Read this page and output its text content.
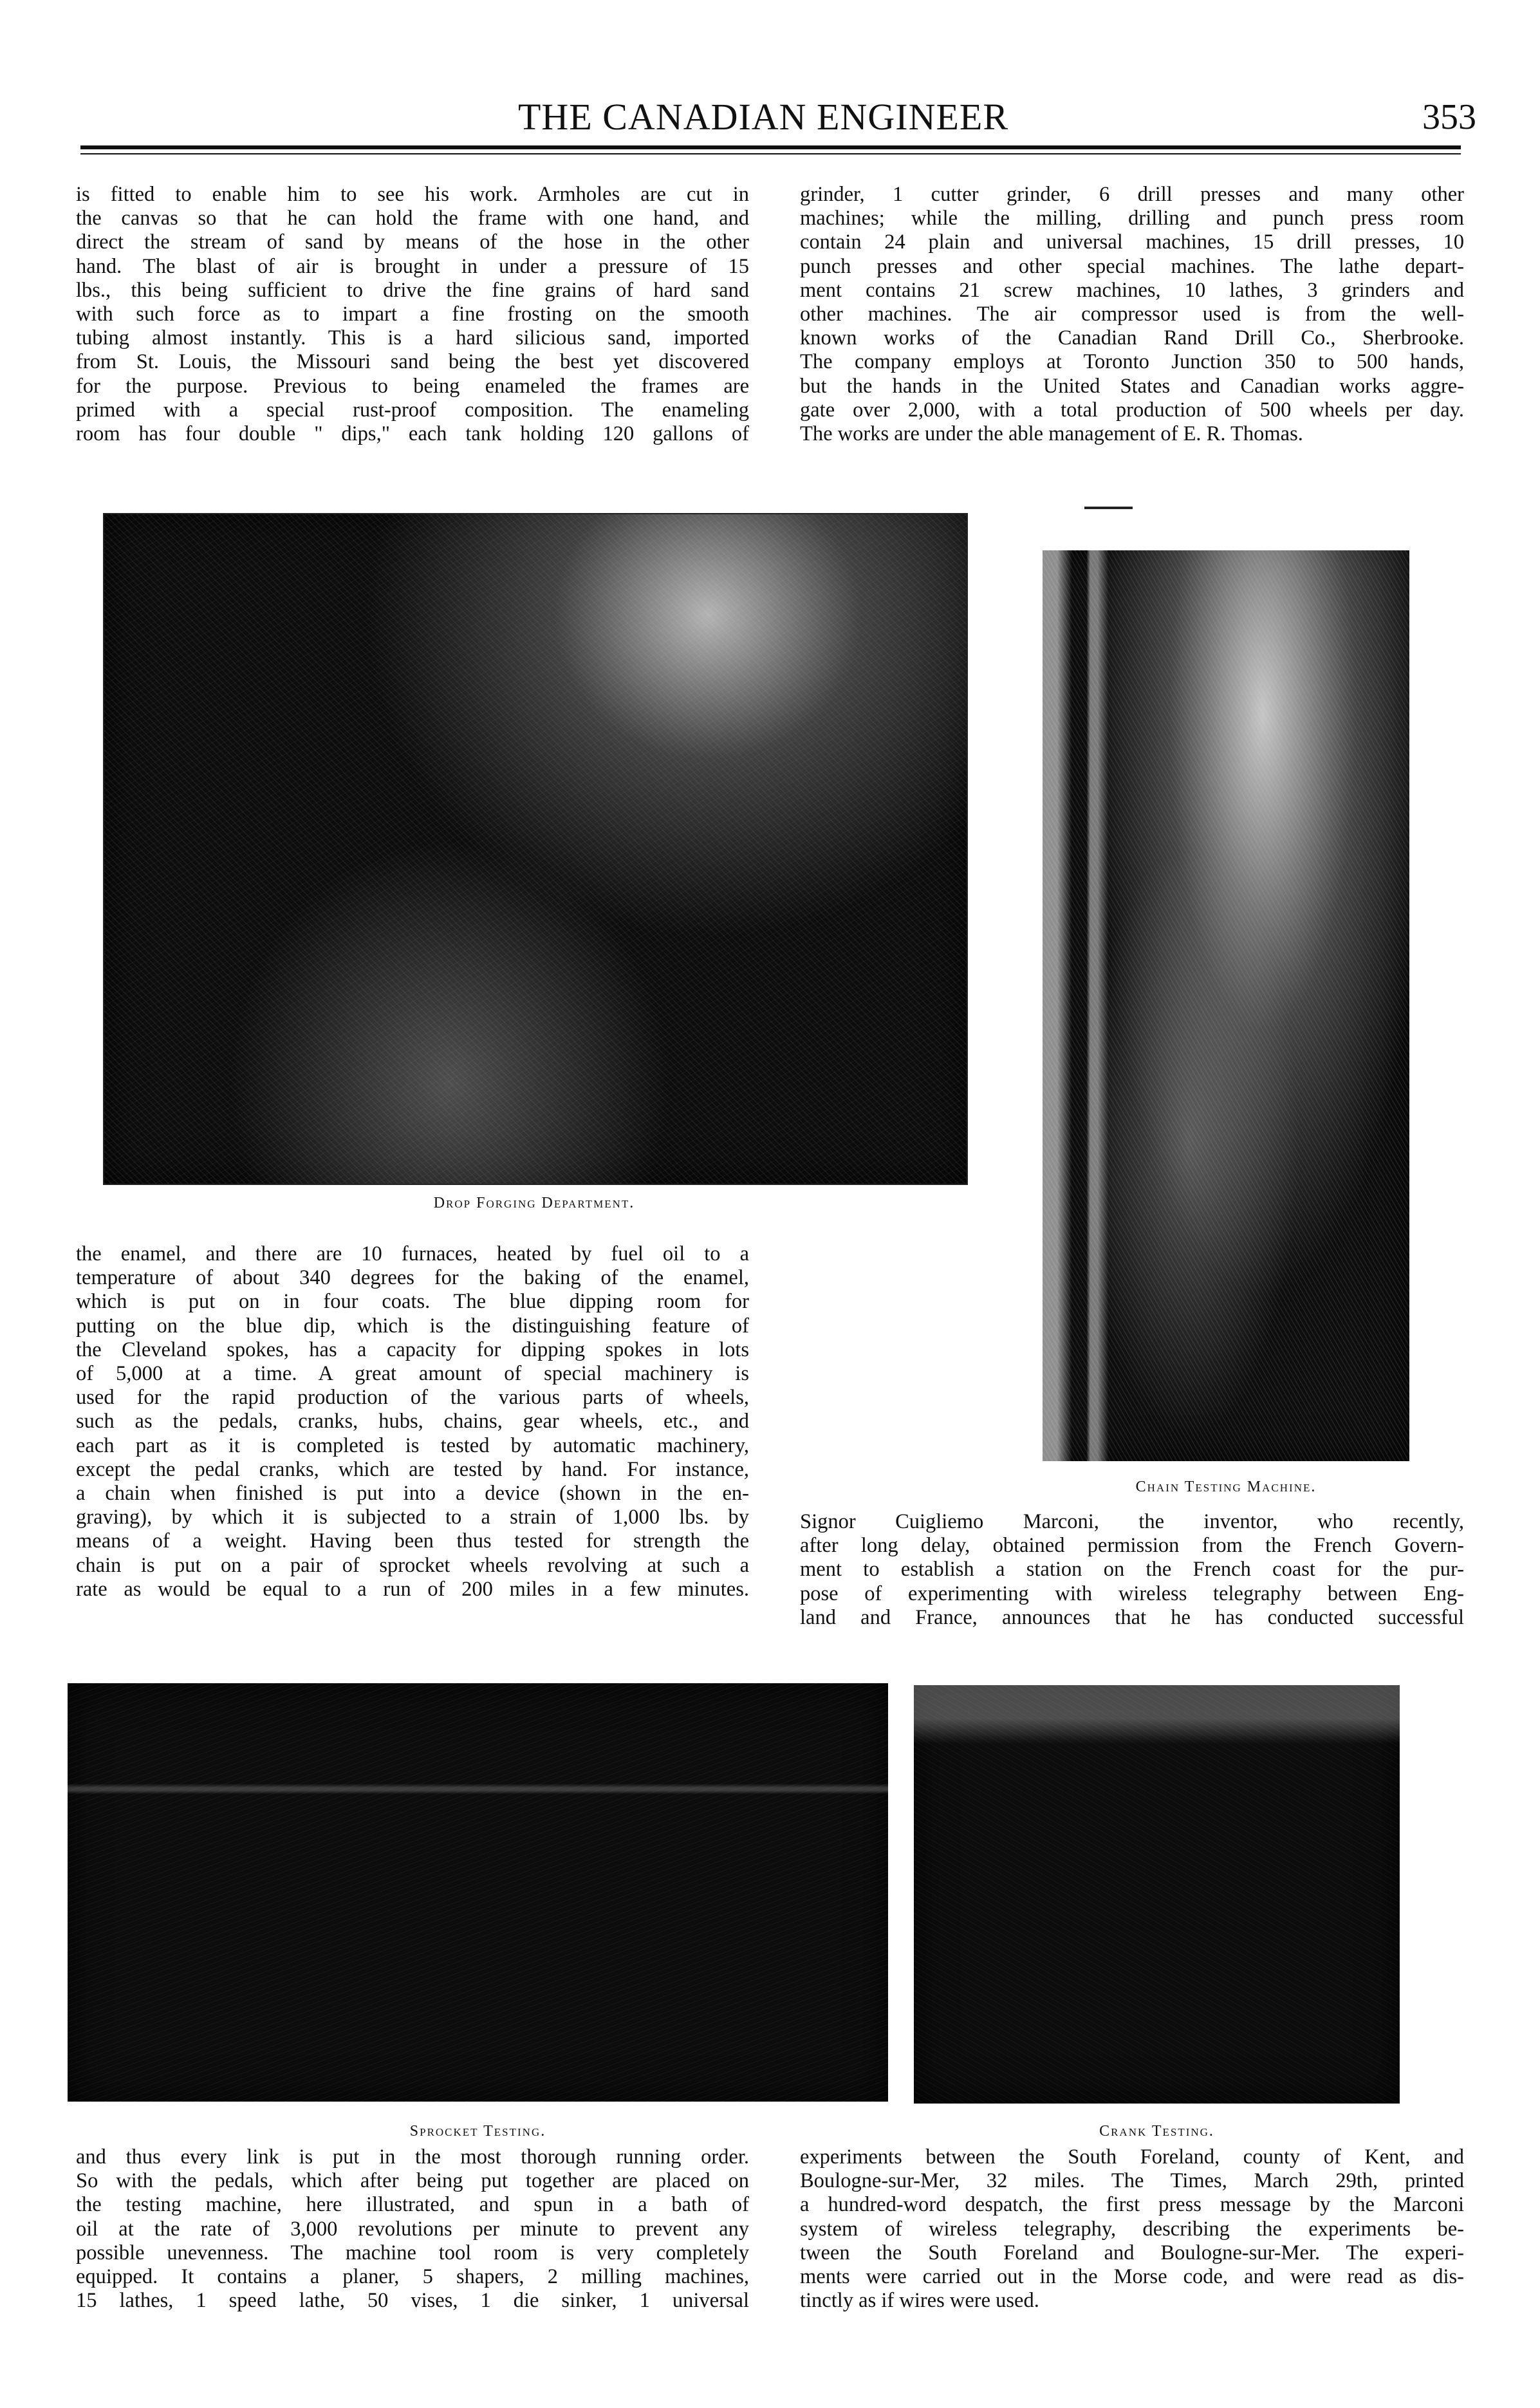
THE CANADIAN ENGINEER	353

is fitted to enable him to see his work. Armholes are cut in

the canvas so that he can hold the frame with one hand, and

direct the stream of sand by means of the hose in the other

hand. The blast of air is brought in under a pressure of 15

lbs., this being sufficient to drive the fine grains of hard sand

with such force as to impart a fine frosting on the smooth

tubing almost instantly. This is a hard silicious sand, imported

from St. Louis, the Missouri sand being the best yet discovered

for the purpose. Previous to being enameled the frames are

primed with a special rust-proof composition. The enameling

room has four double " dips," each tank holding 120 gallons of

grinder, 1 cutter grinder, 6 drill presses and many other

machines; while the milling, drilling and punch press room

contain 24 plain and universal machines, 15 drill presses, 10

punch presses and other special machines. The lathe depart-

ment contains 21 screw machines, 10 lathes, 3 grinders and

other machines. The air compressor used is from the well-

known works of the Canadian Rand Drill Co., Sherbrooke.

The company employs at Toronto Junction 350 to 500 hands,

but the hands in the United States and Canadian works aggre-

gate over 2,000, with a total production of 500 wheels per day.

The works are under the able management of E. R. Thomas.

Drop Forging Department.
Chain Testing Machine.

the enamel, and there are 10 furnaces, heated by fuel oil to a

temperature of about 340 degrees for the baking of the enamel,

which is put on in four coats. The blue dipping room for

putting on the blue dip, which is the distinguishing feature of

the Cleveland spokes, has a capacity for dipping spokes in lots

of 5,000 at a time. A great amount of special machinery is

used for the rapid production of the various parts of wheels,

such as the pedals, cranks, hubs, chains, gear wheels, etc., and

each part as it is completed is tested by automatic machinery,

except the pedal cranks, which are tested by hand. For instance,

a chain when finished is put into a device (shown in the en-

graving), by which it is subjected to a strain of 1,000 lbs. by

means of a weight. Having been thus tested for strength the

chain is put on a pair of sprocket wheels revolving at such a

rate as would be equal to a run of 200 miles in a few minutes.

Signor Cuigliemo Marconi, the inventor, who recently,

after long delay, obtained permission from the French Govern-

ment to establish a station on the French coast for the pur-

pose of experimenting with wireless telegraphy between Eng-

land and France, announces that he has conducted successful

Sprocket Testing.	Crank Testing.

and thus every link is put in the most thorough running order.

So with the pedals, which after being put together are placed on

the testing machine, here illustrated, and spun in a bath of

oil at the rate of 3,000 revolutions per minute to prevent any

possible unevenness. The machine tool room is very completely

equipped. It contains a planer, 5 shapers, 2 milling machines,

15 lathes, 1 speed lathe, 50 vises, 1 die sinker, 1 universal

experiments between the South Foreland, county of Kent, and

Boulogne-sur-Mer, 32 miles. The Times, March 29th, printed

a hundred-word despatch, the first press message by the Marconi

system of wireless telegraphy, describing the experiments be-

tween the South Foreland and Boulogne-sur-Mer. The experi-

ments were carried out in the Morse code, and were read as dis-

tinctly as if wires were used.
